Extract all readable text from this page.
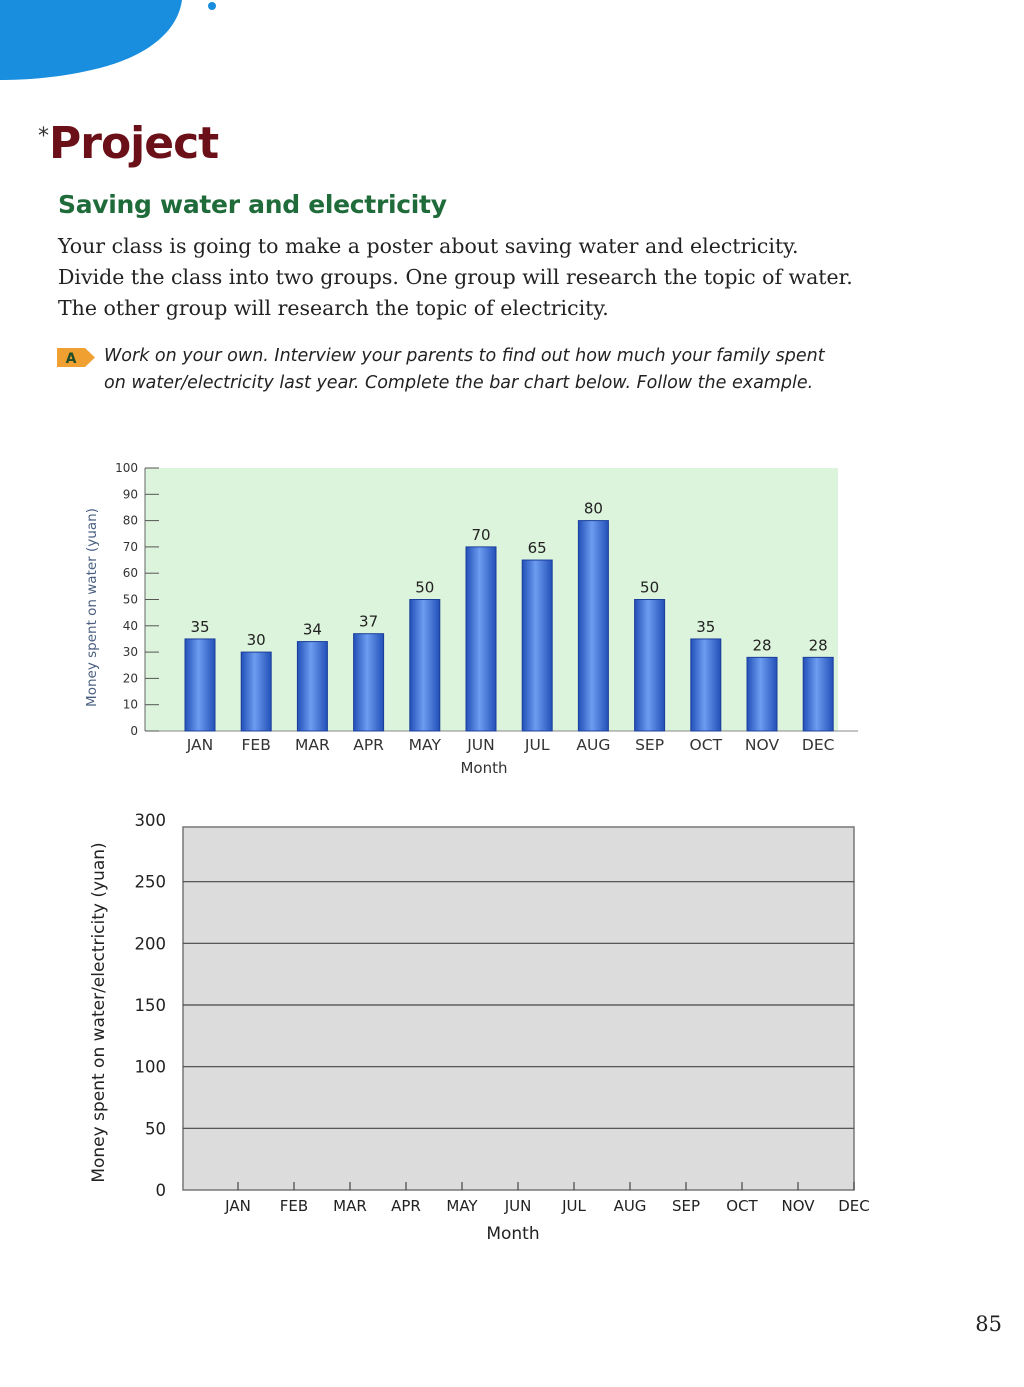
*Project
Saving water and electricity
Your class is going to make a poster about saving water and electricity.
Divide the class into two groups. One group will research the topic of water.
The other group will research the topic of electricity.
A Work on your own. Interview your parents to find out how much your family spent
on water/electricity last year. Complete the bar chart below. Follow the example.
0
10
20
30
40
50
60
70
80
90
100
35
JAN
30
FEB
34
MAR
37
APR
50
MAY
70
JUN
65
JUL
80
AUG
50
SEP
35
OCT
28
NOV
28
DEC
Month
Money spent on water (yuan)
0
50
100
150
200
250
300
JAN FEB MAR APR MAY JUN JUL AUG SEP OCT NOV DEC
Month
Money spent on water/electricity (yuan)
85
